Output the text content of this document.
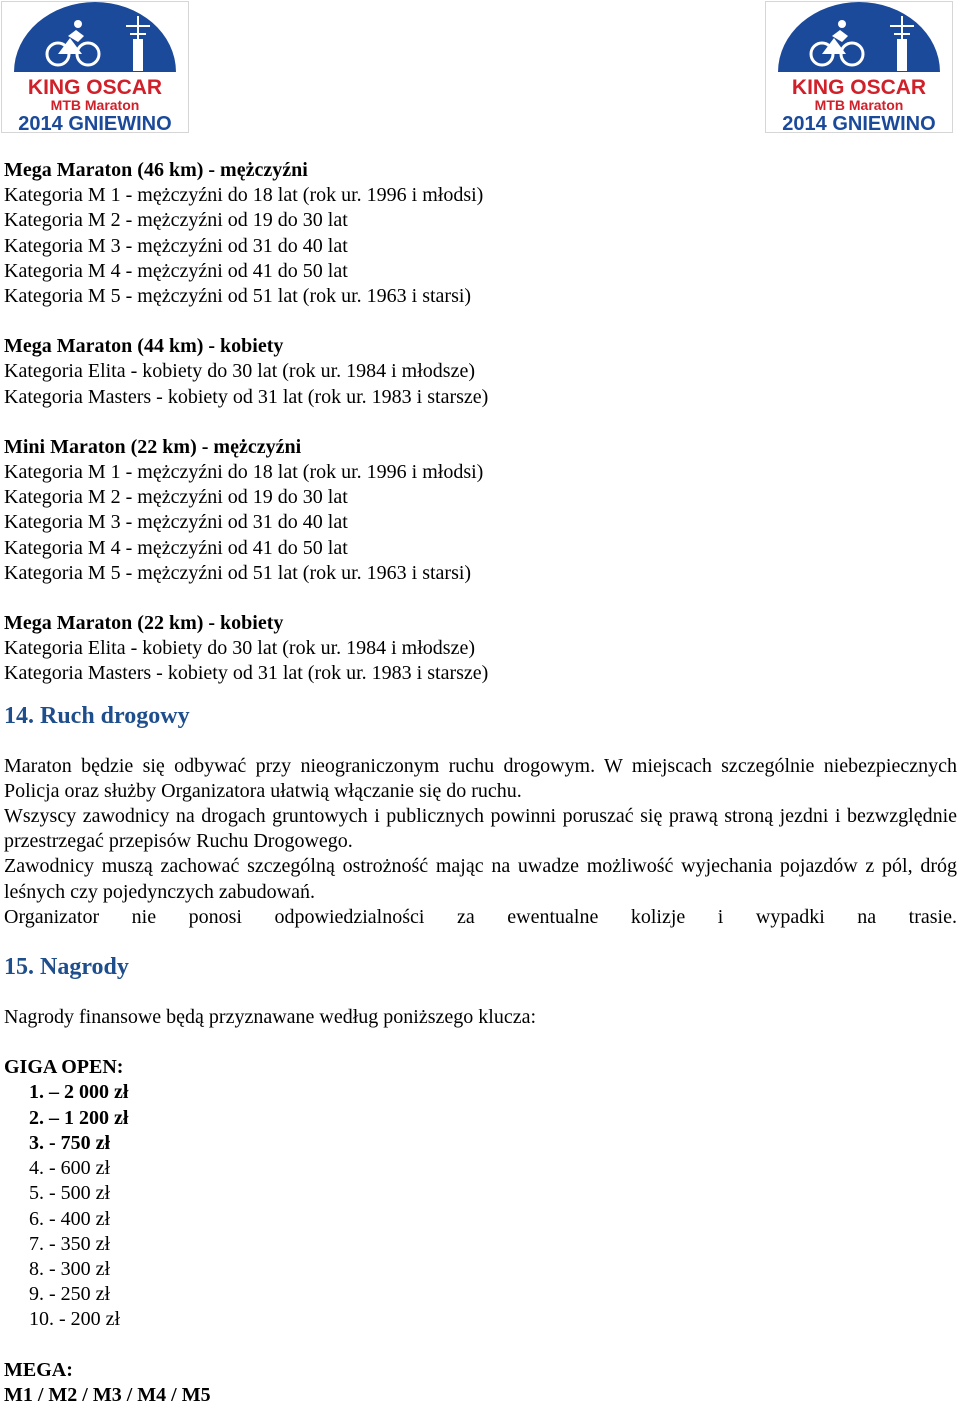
KING OSCAR
MTB Maraton
2014 GNIEWINO
KING OSCAR
MTB Maraton
2014 GNIEWINO
Mega Maraton (46 km) - mężczyźni
Kategoria M 1 - mężczyźni do 18 lat (rok ur. 1996 i młodsi)
Kategoria M 2 - mężczyźni od 19 do 30 lat
Kategoria M 3 - mężczyźni od 31 do 40 lat
Kategoria M 4 - mężczyźni od 41 do 50 lat
Kategoria M 5 - mężczyźni od 51 lat (rok ur. 1963 i starsi)
Mega Maraton (44 km) - kobiety
Kategoria Elita - kobiety do 30 lat (rok ur. 1984 i młodsze)
Kategoria Masters - kobiety od 31 lat (rok ur. 1983 i starsze)
Mini Maraton (22 km) - mężczyźni
Kategoria M 1 - mężczyźni do 18 lat (rok ur. 1996 i młodsi)
Kategoria M 2 - mężczyźni od 19 do 30 lat
Kategoria M 3 - mężczyźni od 31 do 40 lat
Kategoria M 4 - mężczyźni od 41 do 50 lat
Kategoria M 5 - mężczyźni od 51 lat (rok ur. 1963 i starsi)
Mega Maraton (22 km) - kobiety
Kategoria Elita - kobiety do 30 lat (rok ur. 1984 i młodsze)
Kategoria Masters - kobiety od 31 lat (rok ur. 1983 i starsze)
14. Ruch drogowy

Maraton będzie się odbywać przy nieograniczonym ruchu drogowym. W miejscach szczególnie niebezpiecznych Policja oraz służby Organizatora ułatwią włączanie się do ruchu.

Wszyscy zawodnicy na drogach gruntowych i publicznych powinni poruszać się prawą stroną jezdni i bezwzględnie przestrzegać przepisów Ruchu Drogowego.

Zawodnicy muszą zachować szczególną ostrożność mając na uwadze możliwość wyjechania pojazdów z pól, dróg leśnych czy pojedynczych zabudowań.

Organizator nie ponosi odpowiedzialności za ewentualne kolizje i wypadki na trasie.

15. Nagrody
Nagrody finansowe będą przyznawane według poniższego klucza:
GIGA OPEN:
1. – 2 000 zł
2. – 1 200 zł
3. - 750 zł
4. - 600 zł
5. - 500 zł
6. - 400 zł
7. - 350 zł
8. - 300 zł
9. - 250 zł
10. - 200 zł
MEGA:
M1 / M2 / M3 / M4 / M5
